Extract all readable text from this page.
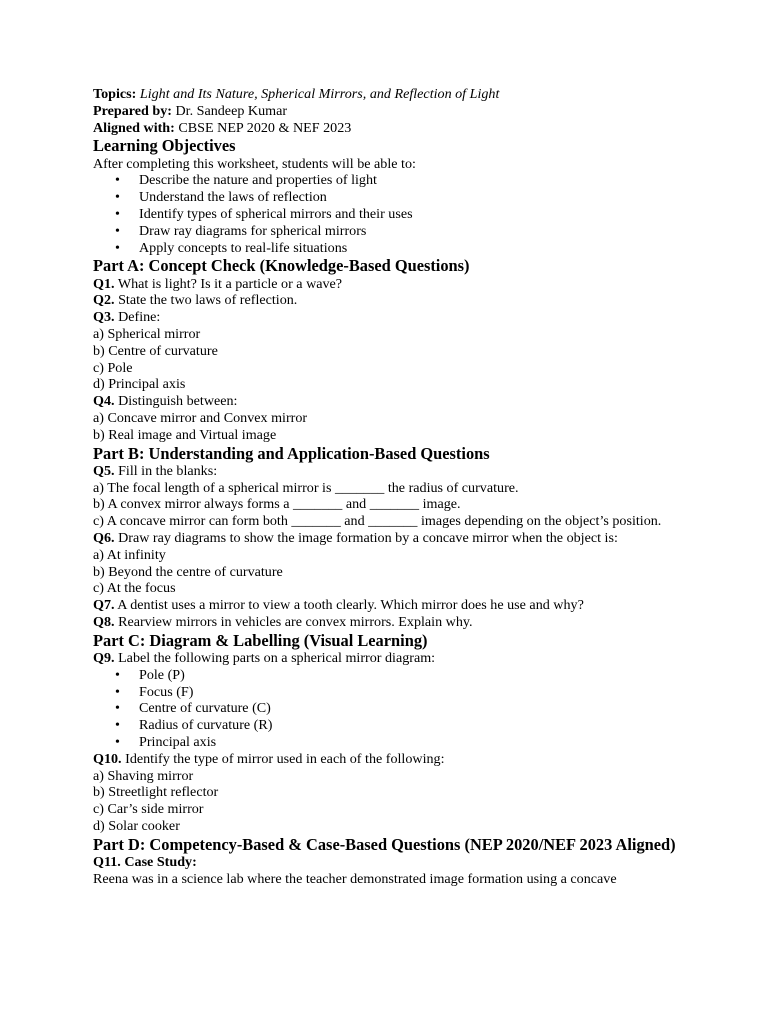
Topics: Light and Its Nature, Spherical Mirrors, and Reflection of Light

Prepared by: Dr. Sandeep Kumar

Aligned with: CBSE NEP 2020 & NEF 2023

Learning Objectives

After completing this worksheet, students will be able to:

• Describe the nature and properties of light
• Understand the laws of reflection
• Identify types of spherical mirrors and their uses
• Draw ray diagrams for spherical mirrors
• Apply concepts to real-life situations

Part A: Concept Check (Knowledge-Based Questions)

Q1. What is light? Is it a particle or a wave?

Q2. State the two laws of reflection.

Q3. Define:

a) Spherical mirror

b) Centre of curvature

c) Pole

d) Principal axis

Q4. Distinguish between:

a) Concave mirror and Convex mirror

b) Real image and Virtual image

Part B: Understanding and Application-Based Questions

Q5. Fill in the blanks:

a) The focal length of a spherical mirror is _______ the radius of curvature.

b) A convex mirror always forms a _______ and _______ image.

c) A concave mirror can form both _______ and _______ images depending on the object’s position.

Q6. Draw ray diagrams to show the image formation by a concave mirror when the object is:

a) At infinity

b) Beyond the centre of curvature

c) At the focus

Q7. A dentist uses a mirror to view a tooth clearly. Which mirror does he use and why?

Q8. Rearview mirrors in vehicles are convex mirrors. Explain why.

Part C: Diagram & Labelling (Visual Learning)

Q9. Label the following parts on a spherical mirror diagram:

• Pole (P)
• Focus (F)
• Centre of curvature (C)
• Radius of curvature (R)
• Principal axis

Q10. Identify the type of mirror used in each of the following:

a) Shaving mirror

b) Streetlight reflector

c) Car’s side mirror

d) Solar cooker

Part D: Competency-Based & Case-Based Questions (NEP 2020/NEF 2023 Aligned)

Q11. Case Study:

Reena was in a science lab where the teacher demonstrated image formation using a concave
